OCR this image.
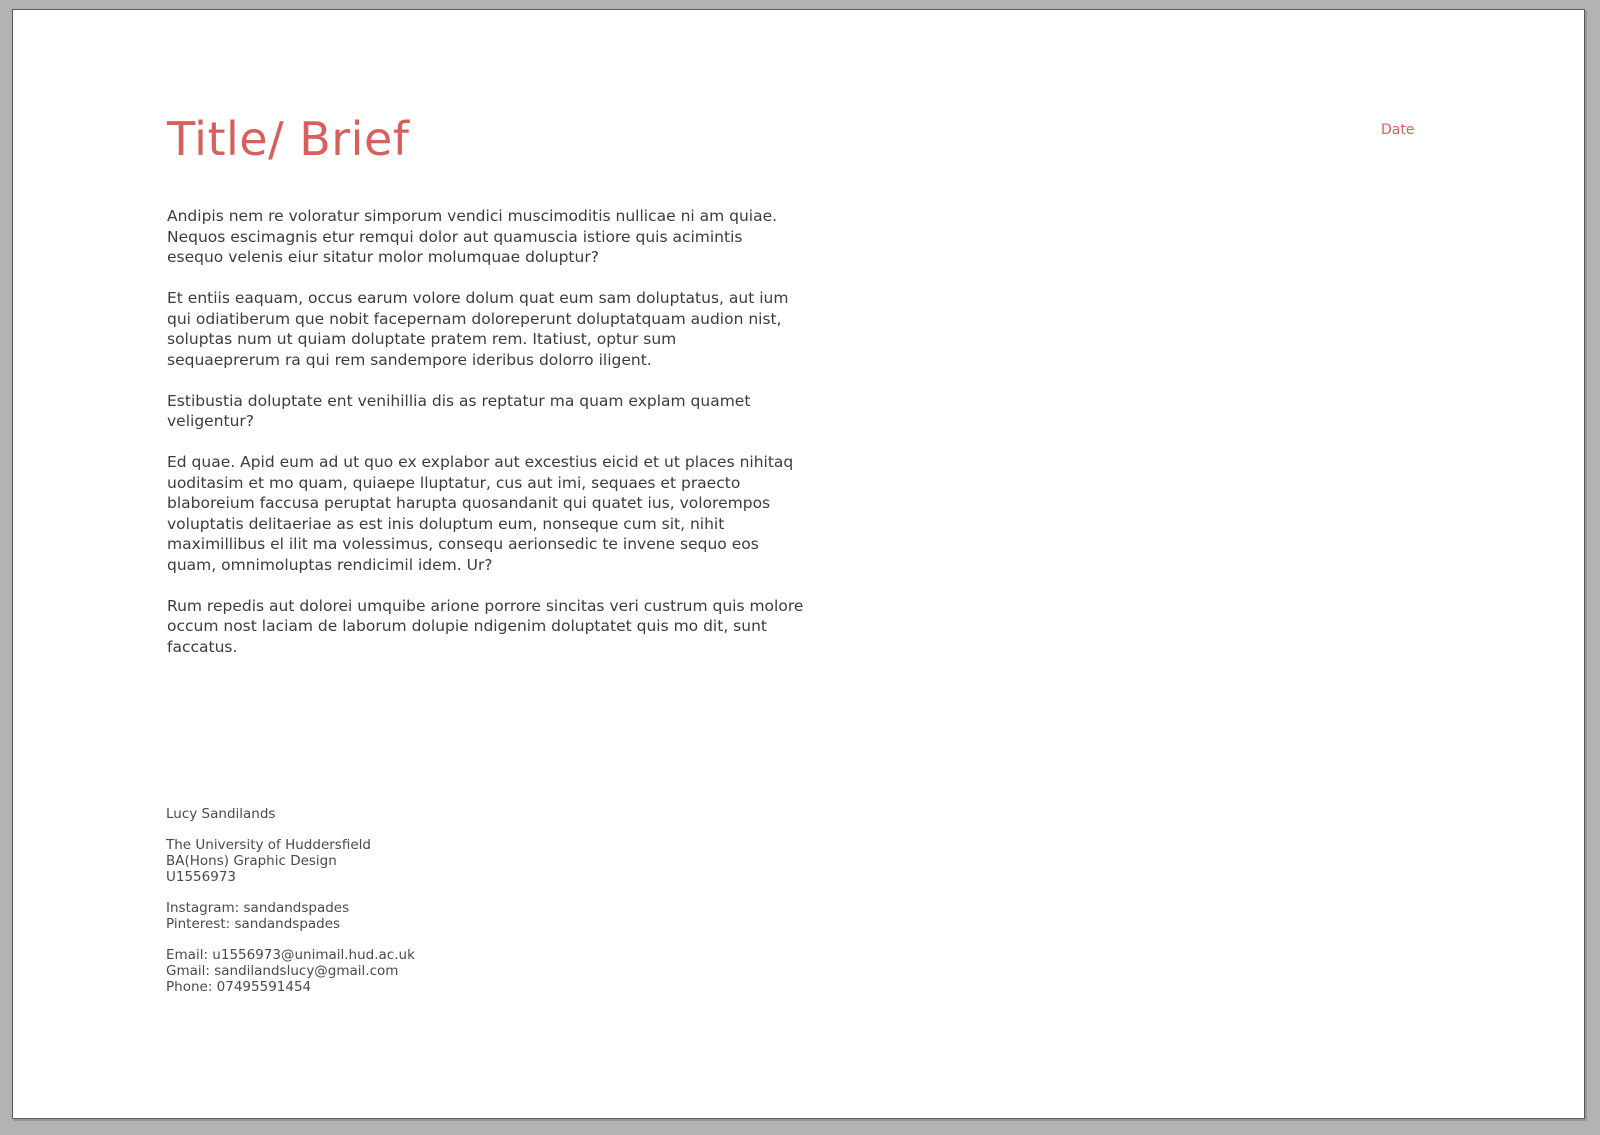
Title/ Brief	Date

Andipis nem re voloratur simporum vendici muscimoditis nullicae ni am quiae.
Nequos escimagnis etur remqui dolor aut quamuscia istiore quis acimintis
esequo velenis eiur sitatur molor molumquae doluptur?

Et entiis eaquam, occus earum volore dolum quat eum sam doluptatus, aut ium
qui odiatiberum que nobit facepernam doloreperunt doluptatquam audion nist,
soluptas num ut quiam doluptate pratem rem. Itatiust, optur sum
sequaeprerum ra qui rem sandempore ideribus dolorro iligent.

Estibustia doluptate ent venihillia dis as reptatur ma quam explam quamet
veligentur?

Ed quae. Apid eum ad ut quo ex explabor aut excestius eicid et ut places nihitaq
uoditasim et mo quam, quiaepe lluptatur, cus aut imi, sequaes et praecto
blaboreium faccusa peruptat harupta quosandanit qui quatet ius, volorempos
voluptatis delitaeriae as est inis doluptum eum, nonseque cum sit, nihit
maximillibus el ilit ma volessimus, consequ aerionsedic te invene sequo eos
quam, omnimoluptas rendicimil idem. Ur?

Rum repedis aut dolorei umquibe arione porrore sincitas veri custrum quis molore
occum nost laciam de laborum dolupie ndigenim doluptatet quis mo dit, sunt
faccatus.

Lucy Sandilands
The University of Huddersfield
BA(Hons) Graphic Design
U1556973
Instagram: sandandspades
Pinterest: sandandspades
Email: u1556973@unimail.hud.ac.uk
Gmail: sandilandslucy@gmail.com
Phone: 07495591454
